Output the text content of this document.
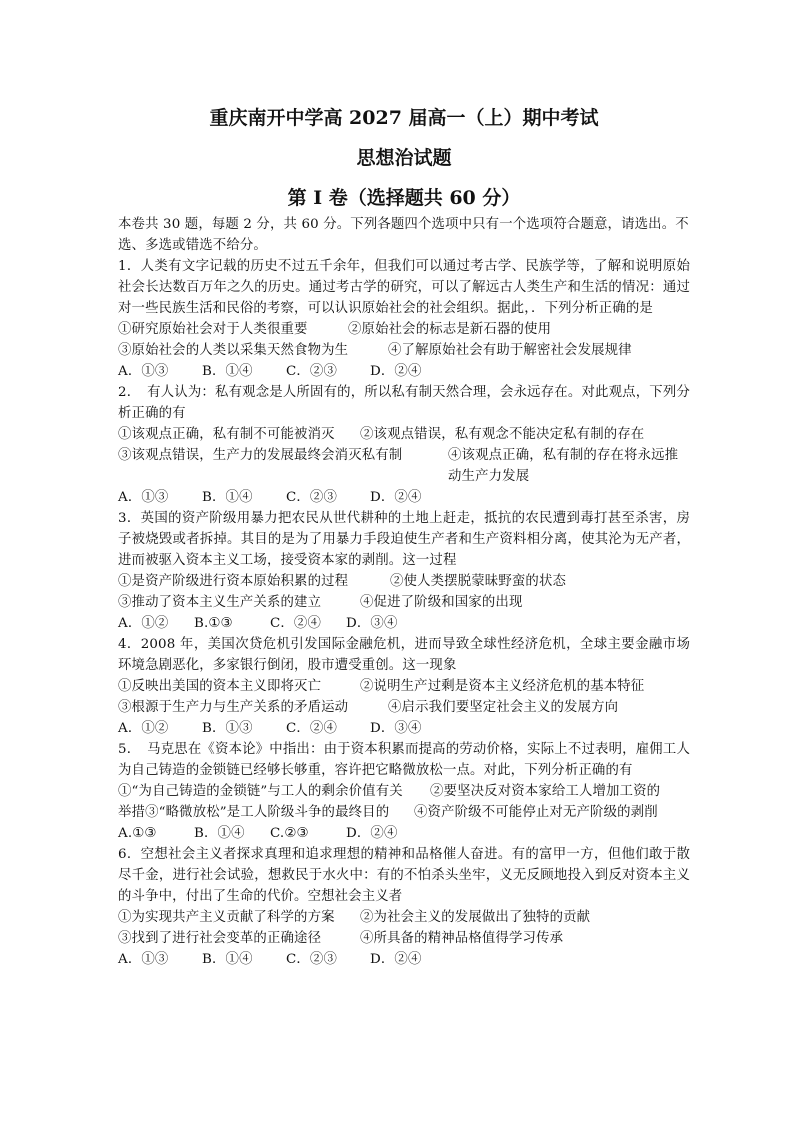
重庆南开中学高 2027 届高一（上）期中考试
思想治试题
第 I 卷（选择题共 60 分）

本卷共 30 题，每题 2 分，共 60 分。下列各题四个选项中只有一个选项符合题意，请选出。不选、多选或错选不给分。

1．人类有文字记载的历史不过五千余年，但我们可以通过考古学、民族学等，了解和说明原始社会长达数百万年之久的历史。通过考古学的研究，可以了解远古人类生产和生活的情况：通过对一些民族生活和民俗的考察，可以认识原始社会的社会组织。据此，．下列分析正确的是

①研究原始社会对于人类很重要	②原始社会的标志是新石器的使用
③原始社会的人类以采集天然食物为生	④了解原始社会有助于解密社会发展规律
A．①③	B．①④	C．②③	D．②④

2．　有人认为：私有观念是人所固有的，所以私有制天然合理，会永远存在。对此观点，下列分析正确的有

①该观点正确，私有制不可能被消灭	②该观点错误，私有观念不能决定私有制的存在
③该观点错误，生产力的发展最终会消灭私有制	④该观点正确，私有制的存在将永远推动生产力发展
A．①③	B．①④	C．②③	D．②④

3．英国的资产阶级用暴力把农民从世代耕种的土地上赶走，抵抗的农民遭到毒打甚至杀害，房子被烧毁或者拆掉。其目的是为了用暴力手段迫使生产者和生产资料相分离，使其沦为无产者，进而被驱入资本主义工场，接受资本家的剥削。这一过程

①是资产阶级进行资本原始积累的过程	②使人类摆脱蒙昧野蛮的状态
③推动了资本主义生产关系的建立	④促进了阶级和国家的出现
A．①②	B.①③	C．②④	D．③④

4．2008 年，美国次贷危机引发国际金融危机，进而导致全球性经济危机，全球主要金融市场环境急剧恶化，多家银行倒闭，股市遭受重创。这一现象

①反映出美国的资本主义即将灭亡	②说明生产过剩是资本主义经济危机的基本特征
③根源于生产力与生产关系的矛盾运动	④启示我们要坚定社会主义的发展方向
A．①②	B．①③	C．②④	D．③④

5．　马克思在《资本论》中指出：由于资本积累而提高的劳动价格，实际上不过表明，雇佣工人为自己铸造的金锁链已经够长够重，容许把它略微放松一点。对此，下列分析正确的有

①“为自己铸造的金锁链”与工人的剩余价值有关	②要坚决反对资本家给工人增加工资的
举措③“略微放松”是工人阶级斗争的最终目的	④资产阶级不可能停止对无产阶级的剥削
A.①③	B．①④	C.②③	D．②④

6．空想社会主义者探求真理和追求理想的精神和品格催人奋进。有的富甲一方，但他们敢于散尽千金，进行社会试验，想救民于水火中：有的不怕杀头坐牢，义无反顾地投入到反对资本主义的斗争中，付出了生命的代价。空想社会主义者

①为实现共产主义贡献了科学的方案	②为社会主义的发展做出了独特的贡献
③找到了进行社会变革的正确途径	④所具备的精神品格值得学习传承
A．①③	B．①④	C．②③	D．②④
